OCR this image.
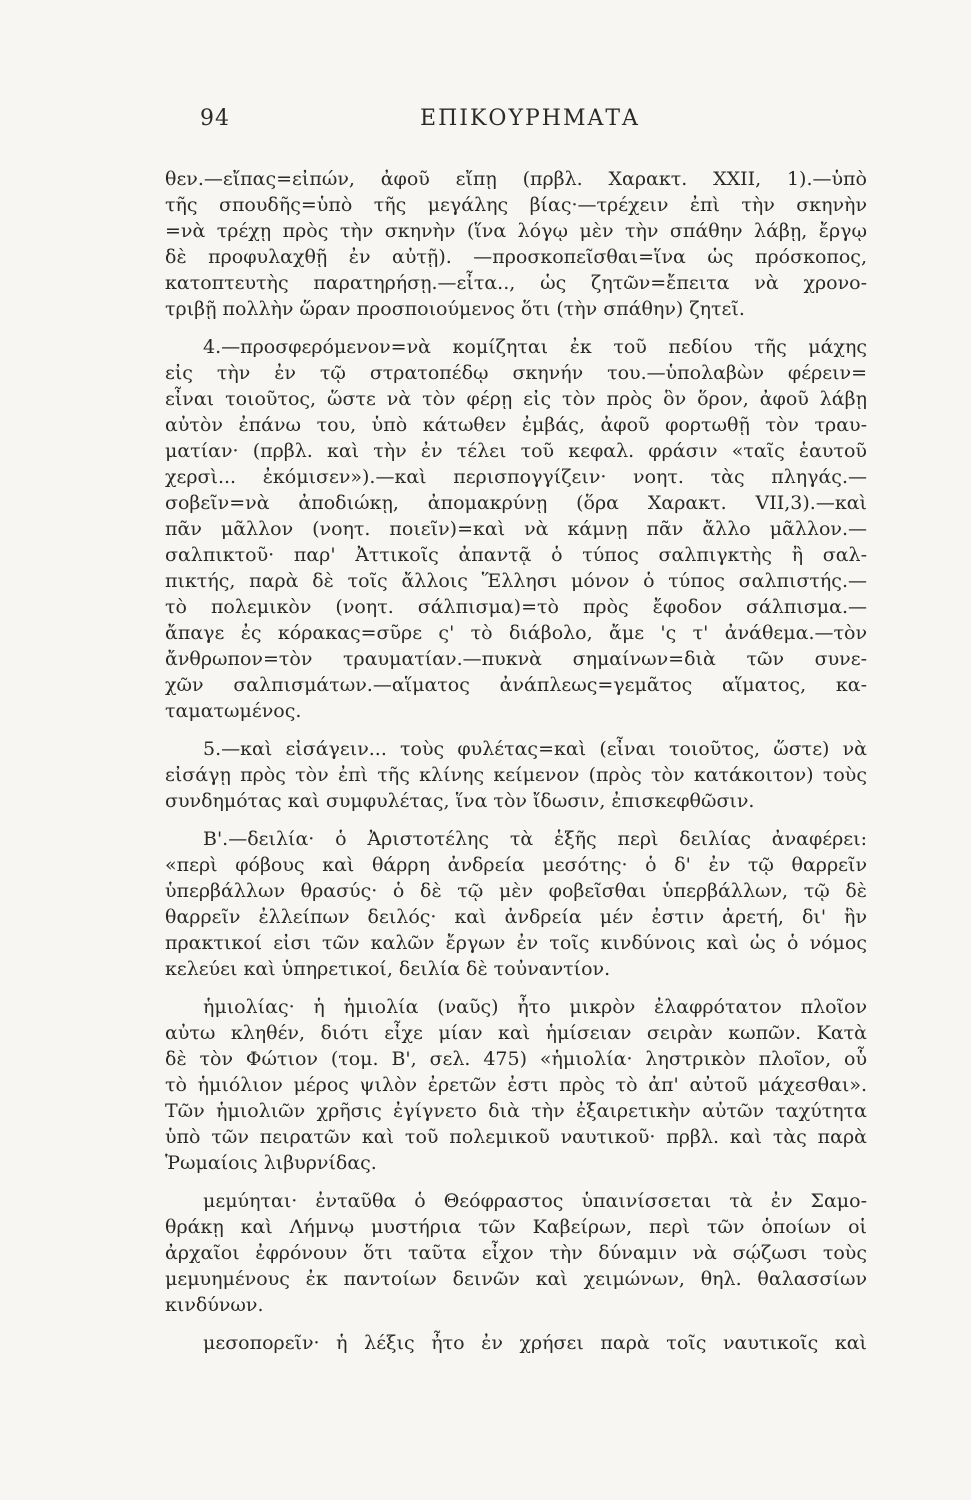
94	ΕΠΙΚΟΥΡΗΜΑΤΑ
θεν.—εἴπας=εἰπών, ἀφοῦ εἴπῃ (πρβλ. Χαρακτ. XXII, 1).—ὑπὸ
τῆς σπουδῆς=ὑπὸ τῆς μεγάλης βίας·—τρέχειν ἐπὶ τὴν σκηνὴν
=νὰ τρέχῃ πρὸς τὴν σκηνὴν (ἵνα λόγῳ μὲν τὴν σπάθην λάβῃ, ἔργῳ
δὲ προφυλαχθῇ ἐν αὐτῇ). —προσκοπεῖσθαι=ἵνα ὡς πρόσκοπος,
κατοπτευτὴς παρατηρήσῃ.—εἶτα.., ὡς ζητῶν=ἔπειτα νὰ χρονο-
τριβῇ πολλὴν ὥραν προσποιούμενος ὅτι (τὴν σπάθην) ζητεῖ.
4.—προσφερόμενον=νὰ κομίζηται ἐκ τοῦ πεδίου τῆς μάχης
εἰς τὴν ἐν τῷ στρατοπέδῳ σκηνήν του.—ὑπολαβὼν φέρειν=
εἶναι τοιοῦτος, ὥστε νὰ τὸν φέρῃ εἰς τὸν πρὸς ὃν ὅρον, ἀφοῦ λάβῃ
αὐτὸν ἐπάνω του, ὑπὸ κάτωθεν ἐμβάς, ἀφοῦ φορτωθῇ τὸν τραυ-
ματίαν· (πρβλ. καὶ τὴν ἐν τέλει τοῦ κεφαλ. φράσιν «ταῖς ἑαυτοῦ
χερσὶ... ἐκόμισεν»).—καὶ περισπογγίζειν· νοητ. τὰς πληγάς.—
σοβεῖν=νὰ ἀποδιώκῃ, ἀπομακρύνῃ (ὅρα Χαρακτ. VII,3).—καὶ
πᾶν μᾶλλον (νοητ. ποιεῖν)=καὶ νὰ κάμνῃ πᾶν ἄλλο μᾶλλον.—
σαλπικτοῦ· παρ' Ἀττικοῖς ἀπαντᾷ ὁ τύπος σαλπιγκτὴς ἢ σαλ-
πικτής, παρὰ δὲ τοῖς ἄλλοις Ἕλλησι μόνον ὁ τύπος σαλπιστής.—
τὸ πολεμικὸν (νοητ. σάλπισμα)=τὸ πρὸς ἔφοδον σάλπισμα.—
ἄπαγε ἐς κόρακας=σῦρε ς' τὸ διάβολο, ἄμε 'ς τ' ἀνάθεμα.—τὸν
ἄνθρωπον=τὸν τραυματίαν.—πυκνὰ σημαίνων=διὰ τῶν συνε-
χῶν σαλπισμάτων.—αἵματος ἀνάπλεως=γεμᾶτος αἵματος, κα-
ταματωμένος.
5.—καὶ εἰσάγειν... τοὺς φυλέτας=καὶ (εἶναι τοιοῦτος, ὥστε) νὰ
εἰσάγῃ πρὸς τὸν ἐπὶ τῆς κλίνης κείμενον (πρὸς τὸν κατάκοιτον) τοὺς
συνδημότας καὶ συμφυλέτας, ἵνα τὸν ἴδωσιν, ἐπισκεφθῶσιν.
Β'.—δειλία· ὁ Ἀριστοτέλης τὰ ἑξῆς περὶ δειλίας ἀναφέρει:
«περὶ φόβους καὶ θάρρη ἀνδρεία μεσότης· ὁ δ' ἐν τῷ θαρρεῖν
ὑπερβάλλων θρασύς· ὁ δὲ τῷ μὲν φοβεῖσθαι ὑπερβάλλων, τῷ δὲ
θαρρεῖν ἐλλείπων δειλός· καὶ ἀνδρεία μέν ἐστιν ἀρετή, δι' ἣν
πρακτικοί εἰσι τῶν καλῶν ἔργων ἐν τοῖς κινδύνοις καὶ ὡς ὁ νόμος
κελεύει καὶ ὑπηρετικοί, δειλία δὲ τοὐναντίον.
ἡμιολίας· ἡ ἡμιολία (ναῦς) ἦτο μικρὸν ἐλαφρότατον πλοῖον
αὐτω κληθέν, διότι εἶχε μίαν καὶ ἡμίσειαν σειρὰν κωπῶν. Κατὰ
δὲ τὸν Φώτιον (τομ. Β', σελ. 475) «ἡμιολία· ληστρικὸν πλοῖον, οὗ
τὸ ἡμιόλιον μέρος ψιλὸν ἐρετῶν ἐστι πρὸς τὸ ἀπ' αὐτοῦ μάχεσθαι».
Τῶν ἡμιολιῶν χρῆσις ἐγίγνετο διὰ τὴν ἐξαιρετικὴν αὐτῶν ταχύτητα
ὑπὸ τῶν πειρατῶν καὶ τοῦ πολεμικοῦ ναυτικοῦ· πρβλ. καὶ τὰς παρὰ
Ῥωμαίοις λιβυρνίδας.
μεμύηται· ἐνταῦθα ὁ Θεόφραστος ὑπαινίσσεται τὰ ἐν Σαμο-
θράκῃ καὶ Λήμνῳ μυστήρια τῶν Καβείρων, περὶ τῶν ὁποίων οἱ
ἀρχαῖοι ἐφρόνουν ὅτι ταῦτα εἶχον τὴν δύναμιν νὰ σῴζωσι τοὺς
μεμυημένους ἐκ παντοίων δεινῶν καὶ χειμώνων, θηλ. θαλασσίων
κινδύνων.
μεσοπορεῖν· ἡ λέξις ἦτο ἐν χρήσει παρὰ τοῖς ναυτικοῖς καὶ
